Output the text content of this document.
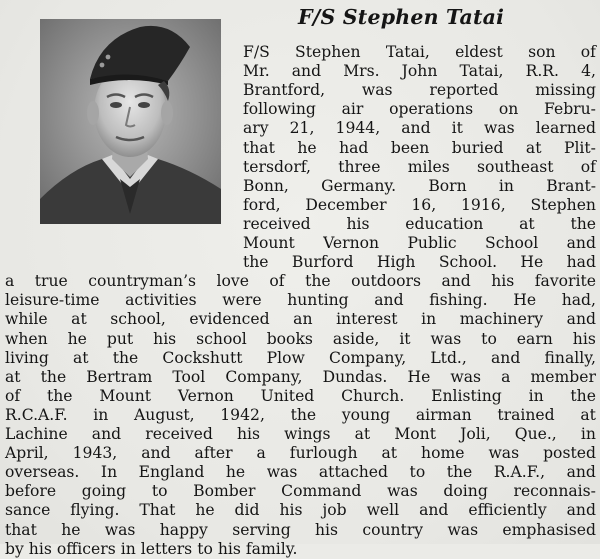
F/S Stephen Tatai
F/S Stephen Tatai, eldest son of
Mr. and Mrs. John Tatai, R.R. 4,
Brantford, was reported missing
following air operations on Febru-
ary 21, 1944, and it was learned
that he had been buried at Plit-
tersdorf, three miles southeast of
Bonn, Germany. Born in Brant-
ford, December 16, 1916, Stephen
received his education at the
Mount Vernon Public School and
the Burford High School. He had
a true countryman’s love of the outdoors and his favorite
leisure-time activities were hunting and fishing. He had,
while at school, evidenced an interest in machinery and
when he put his school books aside, it was to earn his
living at the Cockshutt Plow Company, Ltd., and finally,
at the Bertram Tool Company, Dundas. He was a member
of the Mount Vernon United Church. Enlisting in the
R.C.A.F. in August, 1942, the young airman trained at
Lachine and received his wings at Mont Joli, Que., in
April, 1943, and after a furlough at home was posted
overseas. In England he was attached to the R.A.F., and
before going to Bomber Command was doing reconnais-
sance flying. That he did his job well and efficiently and
that he was happy serving his country was emphasised
by his officers in letters to his family.
